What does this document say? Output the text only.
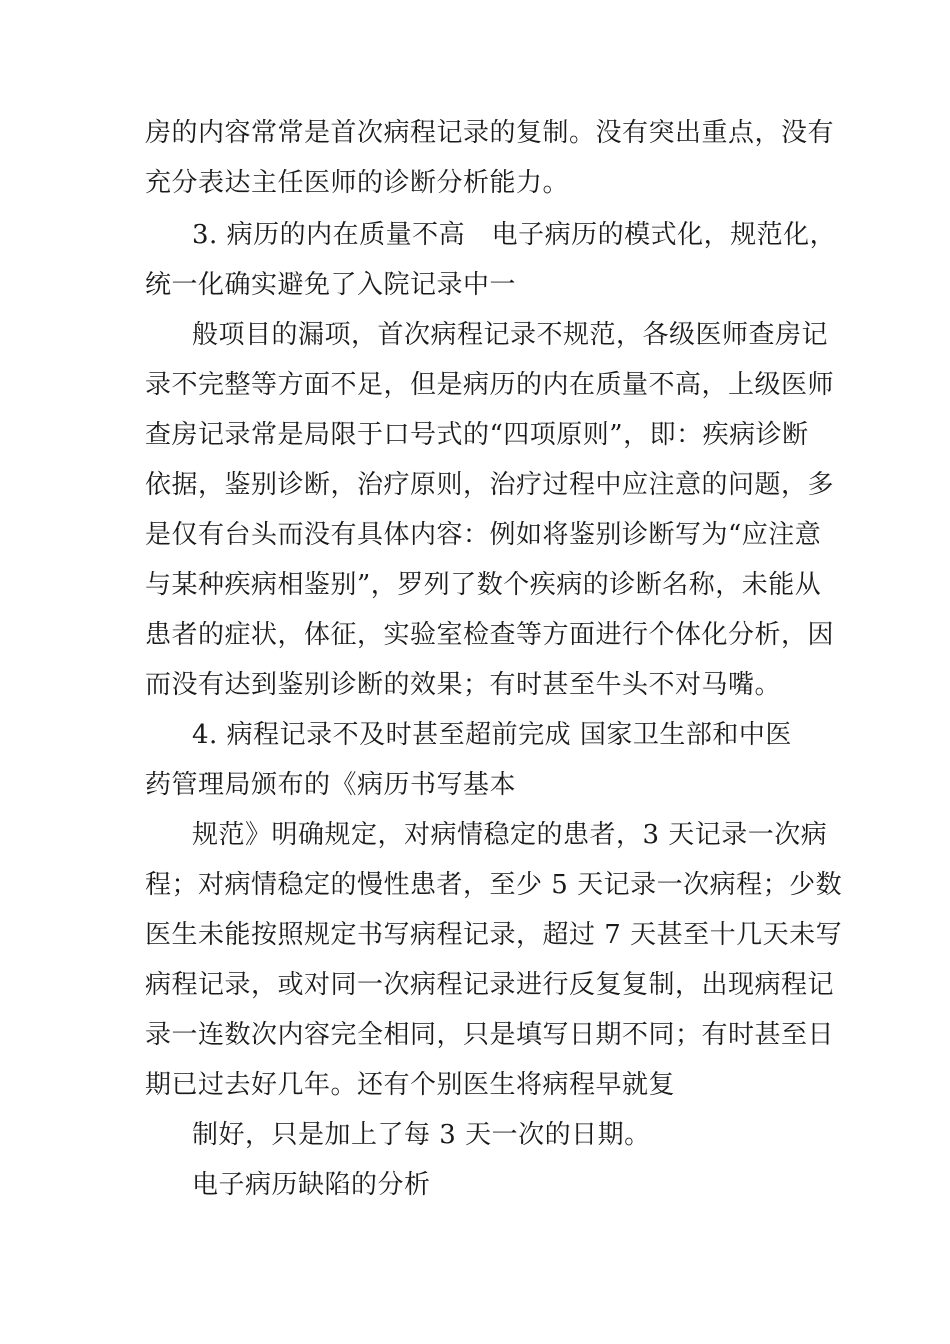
房的内容常常是首次病程记录的复制。没有突出重点，没有
充分表达主任医师的诊断分析能力。
3. 病历的内在质量不高　电子病历的模式化，规范化，
统一化确实避免了入院记录中一
般项目的漏项，首次病程记录不规范，各级医师查房记
录不完整等方面不足，但是病历的内在质量不高，上级医师
查房记录常是局限于口号式的“四项原则”，即：疾病诊断
依据，鉴别诊断，治疗原则，治疗过程中应注意的问题，多
是仅有台头而没有具体内容：例如将鉴别诊断写为“应注意
与某种疾病相鉴别”，罗列了数个疾病的诊断名称，未能从
患者的症状，体征，实验室检查等方面进行个体化分析，因
而没有达到鉴别诊断的效果；有时甚至牛头不对马嘴。
4. 病程记录不及时甚至超前完成 国家卫生部和中医
药管理局颁布的《病历书写基本
规范》明确规定，对病情稳定的患者，3 天记录一次病
程；对病情稳定的慢性患者，至少 5 天记录一次病程；少数
医生未能按照规定书写病程记录，超过 7 天甚至十几天未写
病程记录，或对同一次病程记录进行反复复制，出现病程记
录一连数次内容完全相同，只是填写日期不同；有时甚至日
期已过去好几年。还有个别医生将病程早就复
制好，只是加上了每 3 天一次的日期。
电子病历缺陷的分析
